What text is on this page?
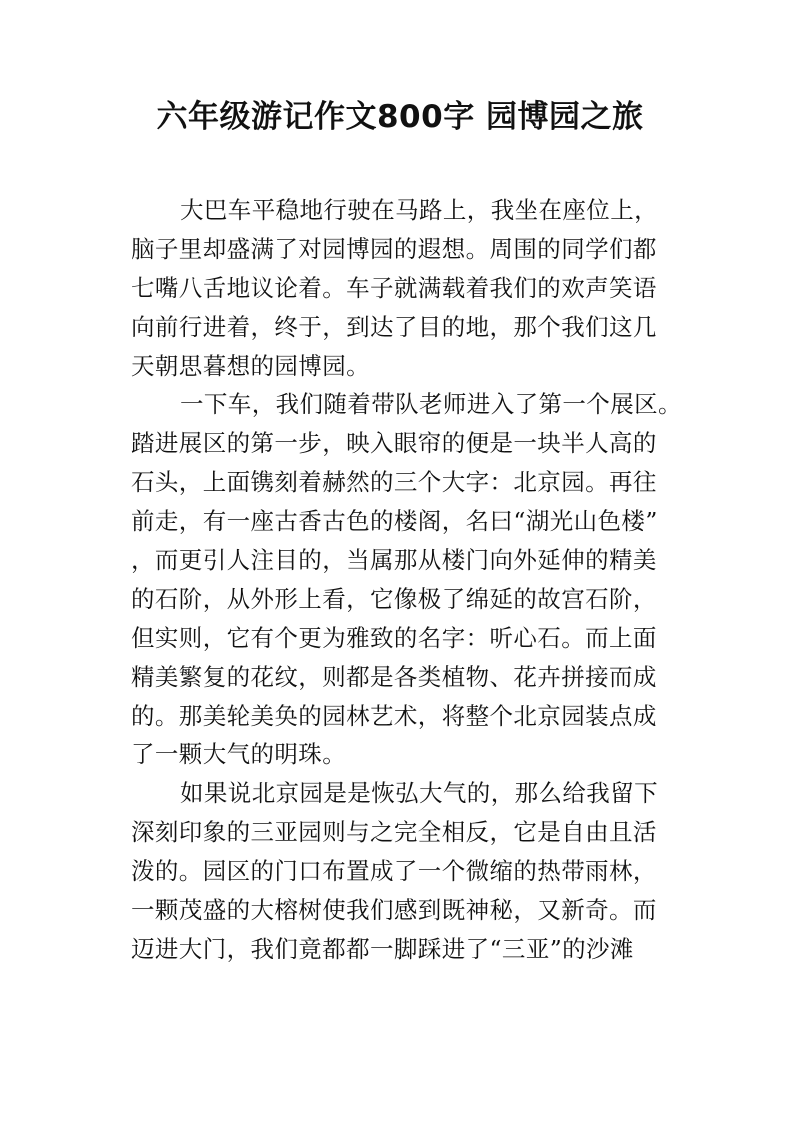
六年级游记作文800字 园博园之旅
大巴车平稳地行驶在马路上，我坐在座位上，
脑子里却盛满了对园博园的遐想。周围的同学们都
七嘴八舌地议论着。车子就满载着我们的欢声笑语
向前行进着，终于，到达了目的地，那个我们这几
天朝思暮想的园博园。
一下车，我们随着带队老师进入了第一个展区。
踏进展区的第一步，映入眼帘的便是一块半人高的
石头，上面镌刻着赫然的三个大字：北京园。再往
前走，有一座古香古色的楼阁，名曰“湖光山色楼”
，而更引人注目的，当属那从楼门向外延伸的精美
的石阶，从外形上看，它像极了绵延的故宫石阶，
但实则，它有个更为雅致的名字：听心石。而上面
精美繁复的花纹，则都是各类植物、花卉拼接而成
的。那美轮美奂的园林艺术，将整个北京园装点成
了一颗大气的明珠。
如果说北京园是是恢弘大气的，那么给我留下
深刻印象的三亚园则与之完全相反，它是自由且活
泼的。园区的门口布置成了一个微缩的热带雨林，
一颗茂盛的大榕树使我们感到既神秘，又新奇。而
迈进大门，我们竟都都一脚踩进了“三亚”的沙滩
